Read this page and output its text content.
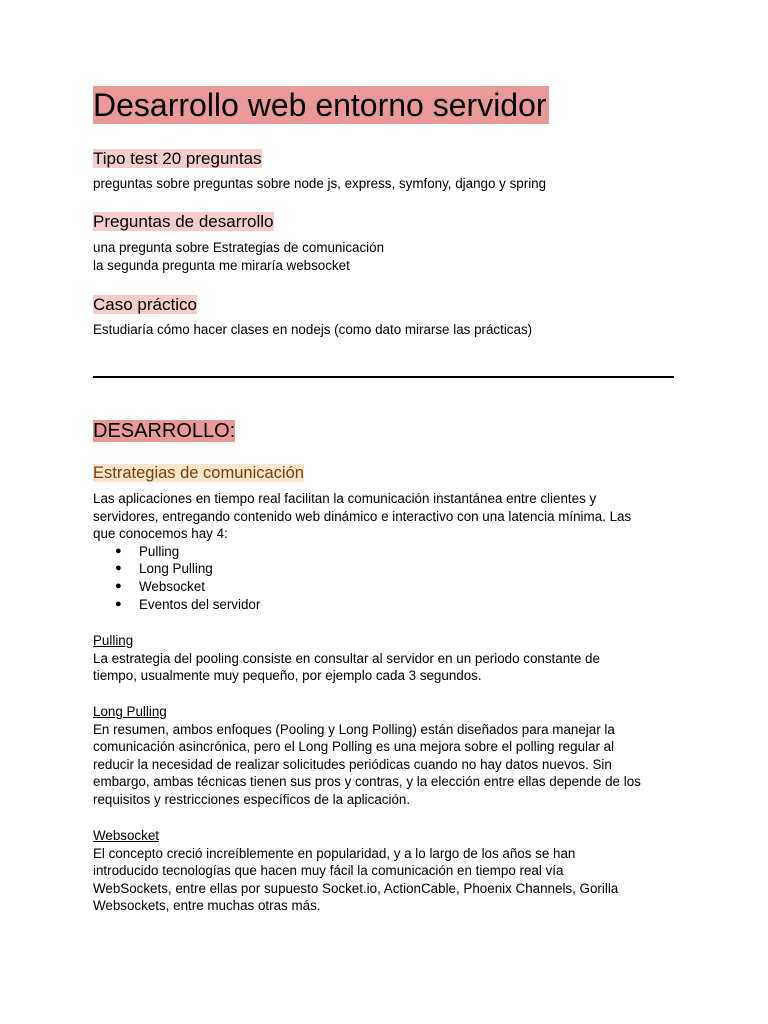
Desarrollo web entorno servidor
Tipo test 20 preguntas
preguntas sobre preguntas sobre node js, express, symfony, django y spring
Preguntas de desarrollo
una pregunta sobre Estrategias de comunicación
la segunda pregunta me miraría websocket
Caso práctico
Estudiaría cómo hacer clases en nodejs (como dato mirarse las prácticas)
DESARROLLO:
Estrategias de comunicación
Las aplicaciones en tiempo real facilitan la comunicación instantánea entre clientes y
servidores, entregando contenido web dinámico e interactivo con una latencia mínima. Las
que conocemos hay 4:
● Pulling
● Long Pulling
● Websocket
● Eventos del servidor
Pulling
La estrategia del pooling consiste en consultar al servidor en un periodo constante de
tiempo, usualmente muy pequeño, por ejemplo cada 3 segundos.
Long Pulling
En resumen, ambos enfoques (Pooling y Long Polling) están diseñados para manejar la
comunicación asincrónica, pero el Long Polling es una mejora sobre el polling regular al
reducir la necesidad de realizar solicitudes periódicas cuando no hay datos nuevos. Sin
embargo, ambas técnicas tienen sus pros y contras, y la elección entre ellas depende de los
requisitos y restricciones específicos de la aplicación.
Websocket
El concepto creció increíblemente en popularidad, y a lo largo de los años se han
introducido tecnologías que hacen muy fácil la comunicación en tiempo real vía
WebSockets, entre ellas por supuesto Socket.io, ActionCable, Phoenix Channels, Gorilla
Websockets, entre muchas otras más.
